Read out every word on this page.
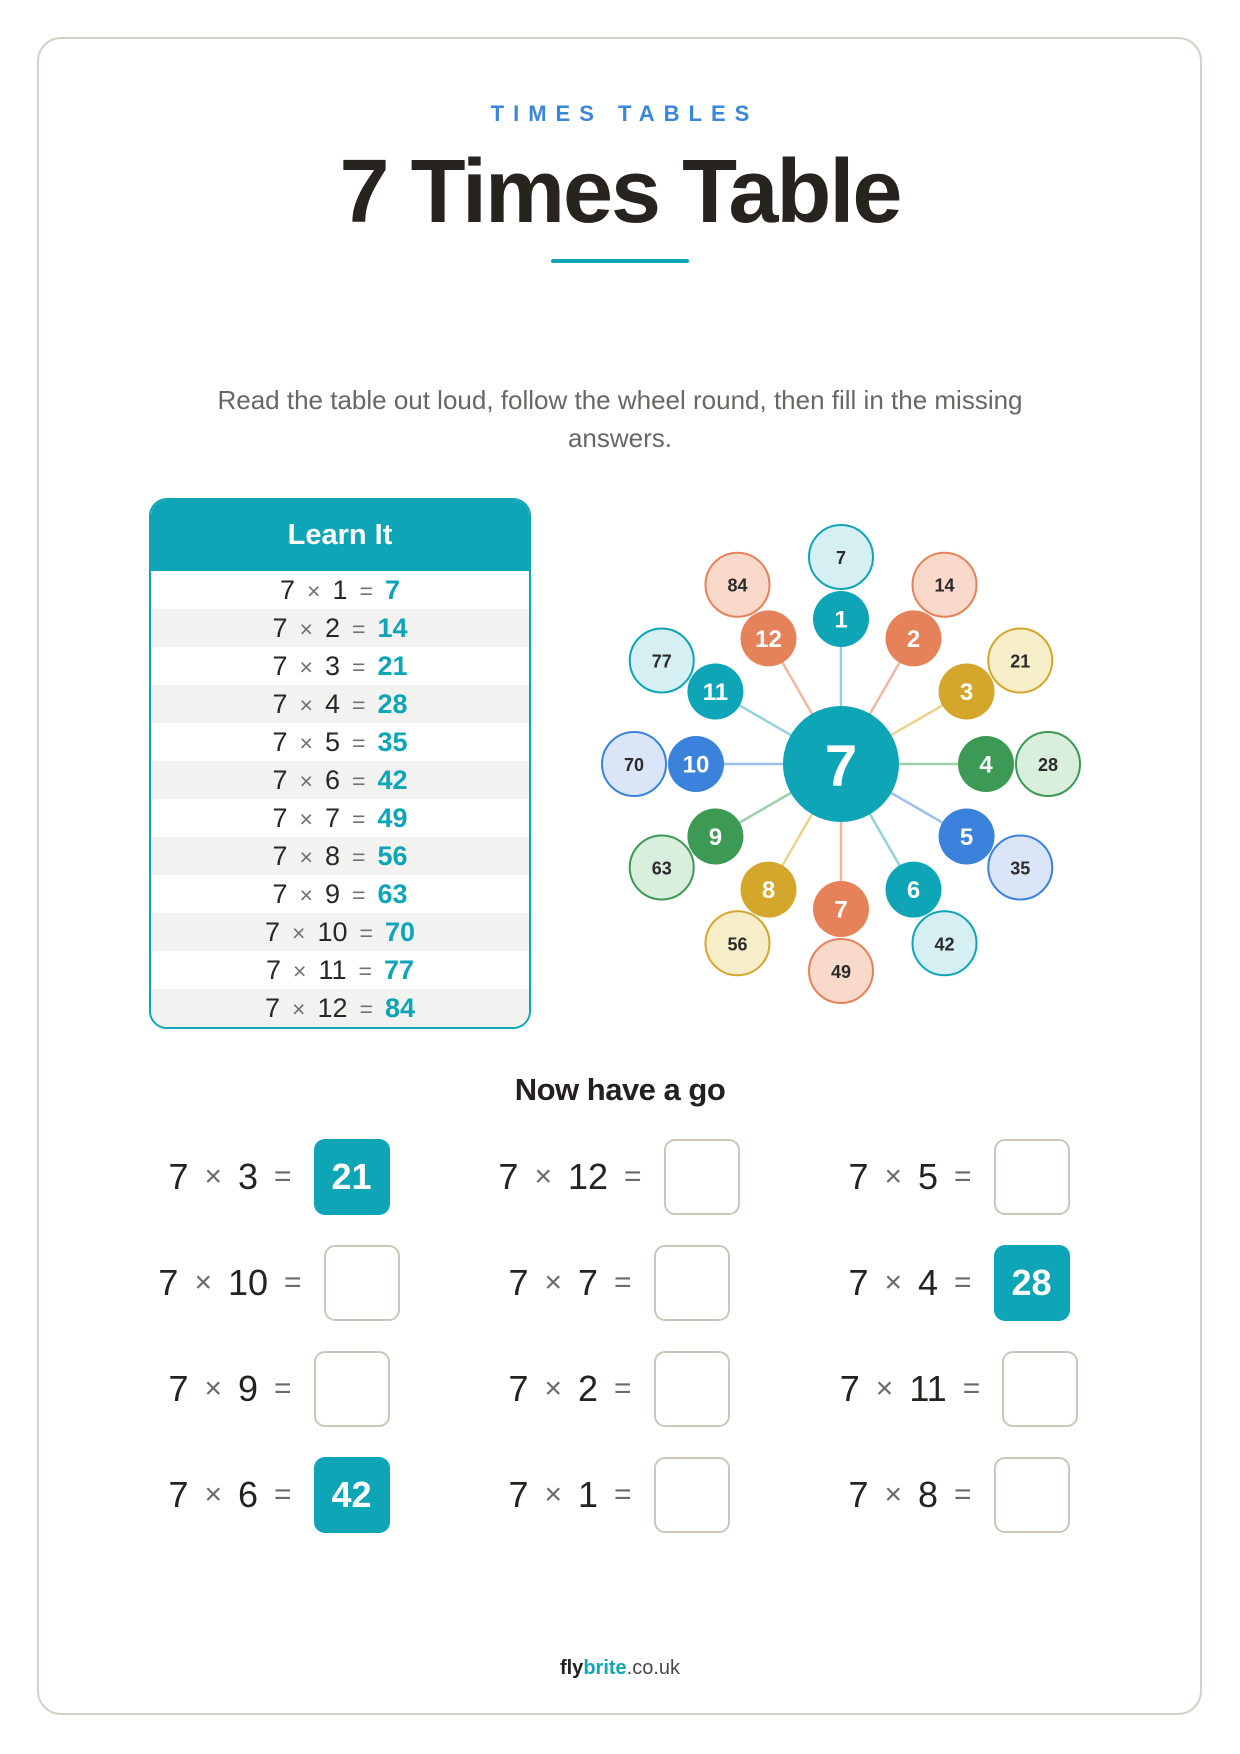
TIMES TABLES
7 Times Table
Read the table out loud, follow the wheel round, then fill in the missing answers.
Learn It
7 × 1 = 7
7 × 2 = 14
7 × 3 = 21
7 × 4 = 28
7 × 5 = 35
7 × 6 = 42
7 × 7 = 49
7 × 8 = 56
7 × 9 = 63
7 × 10 = 70
7 × 11 = 77
7 × 12 = 84
7
7
1
14
2
21
3
28
4
35
5
42
6
49
7
56
8
63
9
70 10
77
11
84
12
Now have a go
7 × 3 =	21	7 × 12 =	7 × 5 =
7 × 10 =	7 × 7 =	7 × 4 =	28
7 × 9 =	7 × 2 =	7 × 11 =
7 × 6 =	42	7 × 1 =	7 × 8 =
flybrite.co.uk
